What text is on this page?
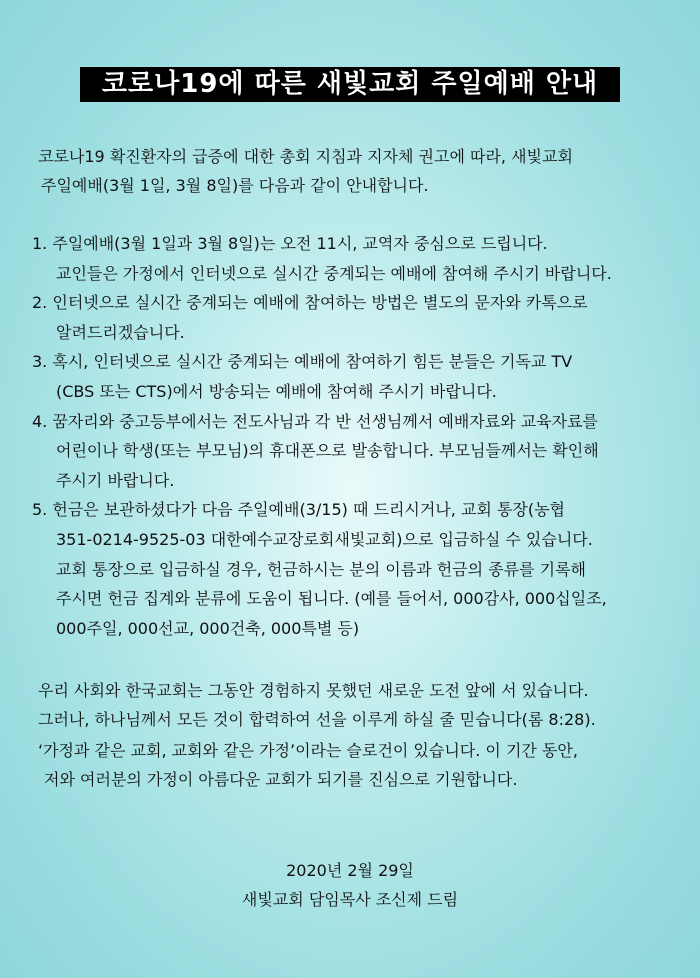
코로나19에 따른 새빛교회 주일예배 안내
코로나19 확진환자의 급증에 대한 총회 지침과 지자체 권고에 따라, 새빛교회
주일예배(3월 1일, 3월 8일)를 다음과 같이 안내합니다.
1. 주일예배(3월 1일과 3월 8일)는 오전 11시, 교역자 중심으로 드립니다.
교인들은 가정에서 인터넷으로 실시간 중계되는 예배에 참여해 주시기 바랍니다.
2. 인터넷으로 실시간 중계되는 예배에 참여하는 방법은 별도의 문자와 카톡으로
알려드리겠습니다.
3. 혹시, 인터넷으로 실시간 중계되는 예배에 참여하기 힘든 분들은 기독교 TV
(CBS 또는 CTS)에서 방송되는 예배에 참여해 주시기 바랍니다.
4. 꿈자리와 중고등부에서는 전도사님과 각 반 선생님께서 예배자료와 교육자료를
어린이나 학생(또는 부모님)의 휴대폰으로 발송합니다. 부모님들께서는 확인해
주시기 바랍니다.
5. 헌금은 보관하셨다가 다음 주일예배(3/15) 때 드리시거나, 교회 통장(농협
351-0214-9525-03 대한예수교장로회새빛교회)으로 입금하실 수 있습니다.
교회 통장으로 입금하실 경우, 헌금하시는 분의 이름과 헌금의 종류를 기록해
주시면 헌금 집계와 분류에 도움이 됩니다. (예를 들어서, 000감사, 000십일조,
000주일, 000선교, 000건축, 000특별 등)
우리 사회와 한국교회는 그동안 경험하지 못했던 새로운 도전 앞에 서 있습니다.
그러나, 하나님께서 모든 것이 합력하여 선을 이루게 하실 줄 믿습니다(롬 8:28).
‘가정과 같은 교회, 교회와 같은 가정’이라는 슬로건이 있습니다. 이 기간 동안,
저와 여러분의 가정이 아름다운 교회가 되기를 진심으로 기원합니다.
2020년 2월 29일
새빛교회 담임목사 조신제 드림
